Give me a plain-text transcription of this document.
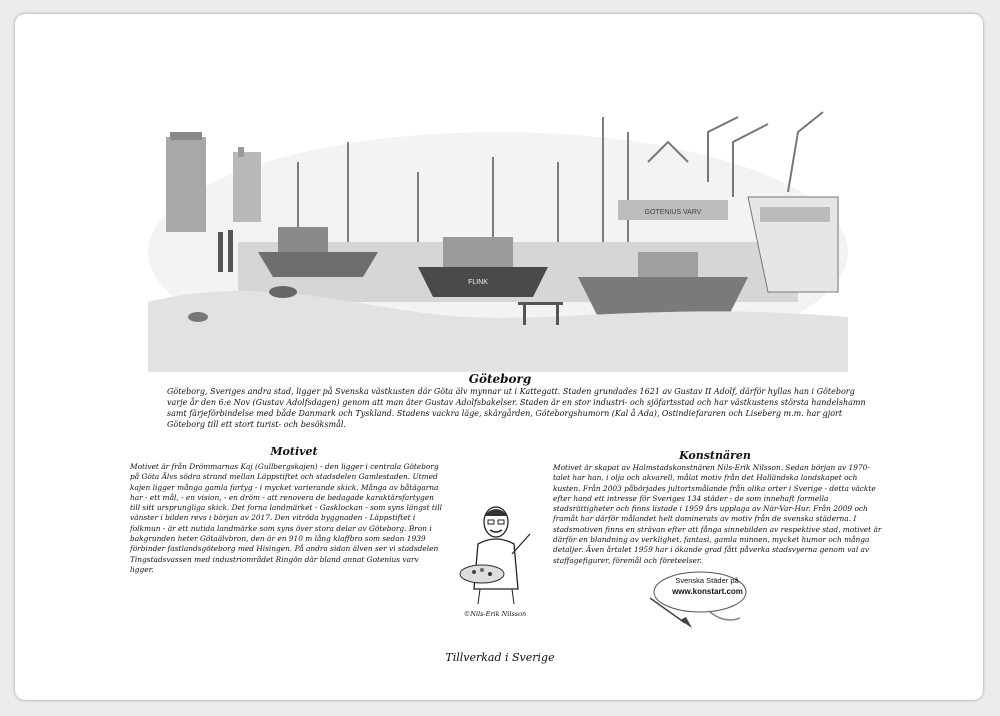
FLINK
GOTENIUS VARV
Göteborg
Göteborg, Sveriges andra stad, ligger på Svenska västkusten där Göta älv mynnar ut i Kattegatt. Staden grundades 1621 av Gustav II Adolf, därför hyllas han i Göteborg varje år den 6:e Nov (Gustav Adolfsdagen) genom att man äter Gustav Adolfsbakelser. Staden är en stor industri- och sjöfartsstad och har västkustens största handelshamn samt färjeförbindelse med både Danmark och Tyskland. Stadens vackra läge, skärgården, Göteborgshumorn (Kal å Ada), Ostindiefararen och Liseberg m.m. har gjort Göteborg till ett stort turist- och besöksmål.
Motivet
Motivet är från Drömmarnas Kaj (Gullbergskajen) - den ligger i centrala Göteborg på Göta Älvs södra strand mellan Läppstiftet och stadsdelen Gamlestaden. Utmed kajen ligger många gamla fartyg - i mycket varierande skick. Många av båtägarna har - ett mål, - en vision, - en dröm - att renovera de bedagade karaktärsfartygen till sitt ursprungliga skick. Det forna landmärket - Gasklockan - som syns längst till vänster i bilden revs i början av 2017. Den vitröda byggnaden - Läppstiftet i folkmun - är ett nutida landmärke som syns över stora delar av Göteborg. Bron i bakgrunden heter Götaälvbron, den är en 910 m lång klaffbro som sedan 1939 förbinder fastlandsgöteborg med Hisingen. På andra sidan älven ser vi stadsdelen Tingstadsvassen med industriområdet Ringön där bland annat Gotenius varv ligger.
Konstnären
Motivet är skapat av Halmstadskonstnären Nils-Erik Nilsson. Sedan början av 1970-talet har han, i olja och akvarell, målat motiv från det Halländska landskapet och kusten. Från 2003 påbörjades jultortsmålande från olika orter i Sverige - detta väckte efter hand ett intresse för Sveriges 134 städer - de som innehaft formella stadsrättigheter och finns listade i 1959 års upplaga av När-Var-Hur. Från 2009 och framåt har därför målandet helt dominerats av motiv från de svenska städerna. I stadsmotiven finns en strävan efter att fånga sinnebilden av respektive stad, motivet är därför en blandning av verklighet, fantasi, gamla minnen, mycket humor och många detaljer. Även årtalet 1959 har i ökande grad fått påverka stadsvyerna genom val av staffagefigurer, föremål och företeelser.
©Nils-Erik Nilsson
Svenska Städer på
www.konstart.com
Tillverkad i Sverige
